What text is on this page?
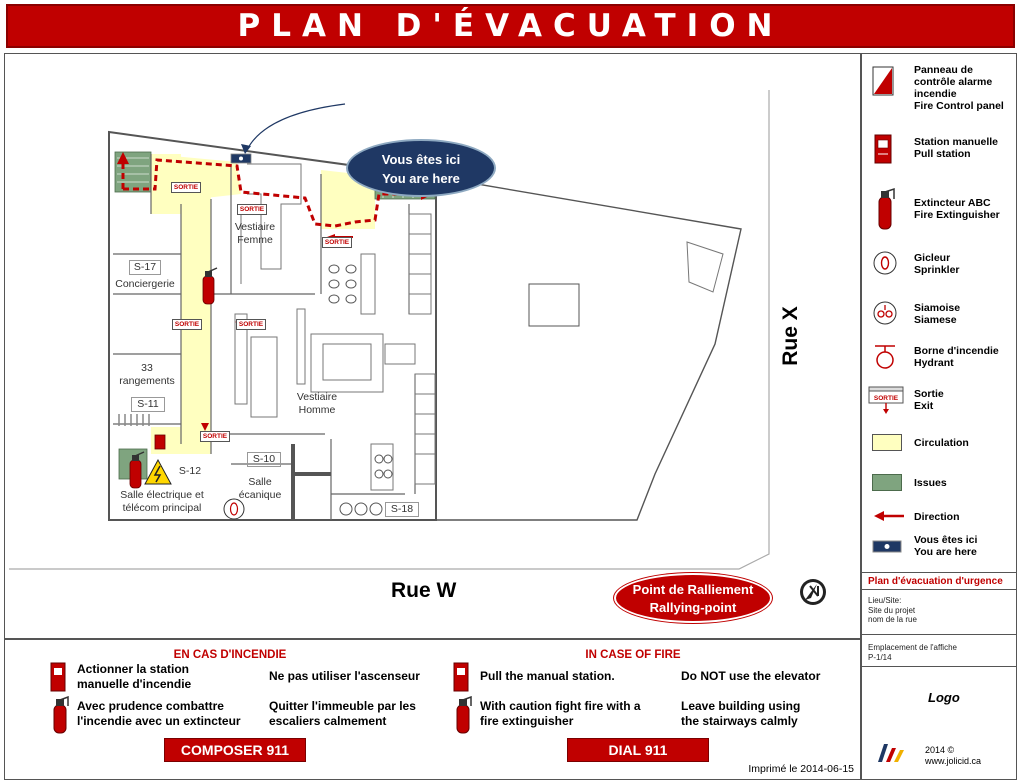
PLAN D'ÉVACUATION
SORTIE
SORTIE
SORTIE
SORTIE	SORTIE
SORTIE
S-17
Conciergerie
33
rangements
S-11
S-12
Salle électrique et
télécom principal
Vestiaire
Femme
Vestiaire
Homme
S-10
Salle
écanique
S-18
Vous êtes ici
You are here
Rue W
Rue X
Point de Ralliement
Rallying-point
Panneau de
contrôle alarme
incendie
Fire Control panel
Station manuelle
Pull station
Extincteur ABC
Fire Extinguisher
Gicleur
Sprinkler
Siamoise
Siamese
Borne d'incendie
Hydrant
SORTIE Sortie
Exit
Circulation
Issues
Direction
Vous êtes ici
You are here
Plan d'évacuation d'urgence
Lieu/Site:
Site du projet
nom de la rue
Emplacement de l'affiche
P-1/14
Logo
2014 ©
www.jolicid.ca
EN CAS D'INCENDIE	IN CASE OF FIRE
Actionner la station
manuelle d'incendie
Ne pas utiliser l'ascenseur
Avec prudence combattre
l'incendie avec un extincteur
Quitter l'immeuble par les
escaliers calmement
COMPOSER 911
Pull the manual station.	Do NOT use the elevator
With caution fight fire with a
fire extinguisher
Leave building using
the stairways calmly
DIAL 911
Imprimé le 2014-06-15
